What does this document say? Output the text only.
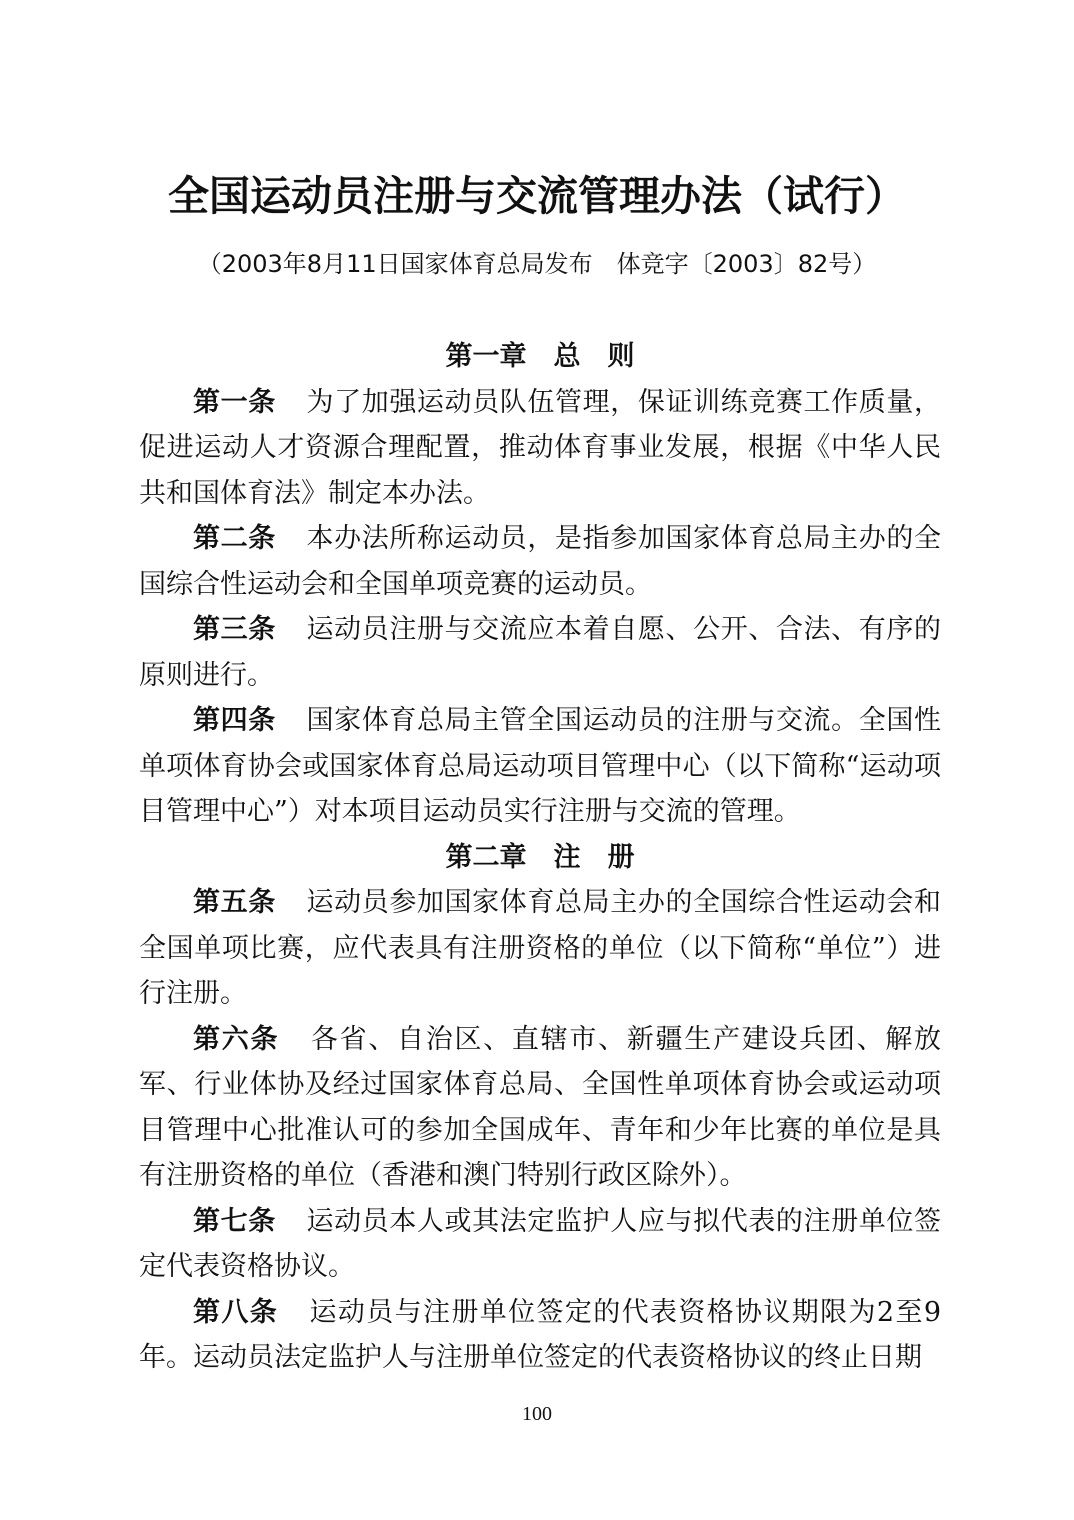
全国运动员注册与交流管理办法（试行）
（2003年8月11日国家体育总局发布　体竞字〔2003〕82号）

第一章　总　则

第一条 为了加强运动员队伍管理，保证训练竞赛工作质量，促进运动人才资源合理配置，推动体育事业发展，根据《中华人民共和国体育法》制定本办法。

第二条 本办法所称运动员，是指参加国家体育总局主办的全国综合性运动会和全国单项竞赛的运动员。

第三条 运动员注册与交流应本着自愿、公开、合法、有序的原则进行。

第四条 国家体育总局主管全国运动员的注册与交流。全国性单项体育协会或国家体育总局运动项目管理中心（以下简称“运动项目管理中心”）对本项目运动员实行注册与交流的管理。

第二章　注　册

第五条 运动员参加国家体育总局主办的全国综合性运动会和全国单项比赛，应代表具有注册资格的单位（以下简称“单位”）进行注册。

第六条 各省、自治区、直辖市、新疆生产建设兵团、解放军、行业体协及经过国家体育总局、全国性单项体育协会或运动项目管理中心批准认可的参加全国成年、青年和少年比赛的单位是具有注册资格的单位（香港和澳门特别行政区除外）。

第七条 运动员本人或其法定监护人应与拟代表的注册单位签定代表资格协议。

第八条 运动员与注册单位签定的代表资格协议期限为2至9年。运动员法定监护人与注册单位签定的代表资格协议的终止日期

100
